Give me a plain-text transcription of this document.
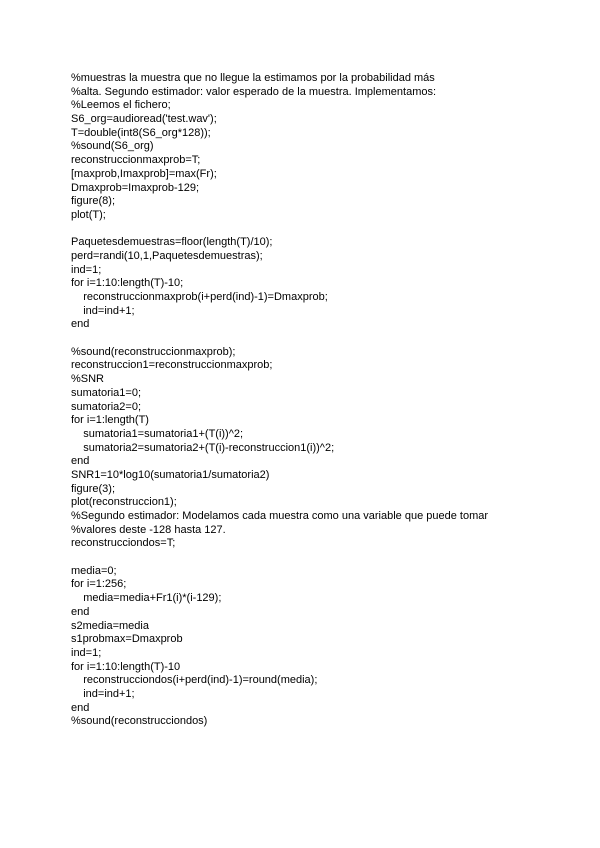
%muestras la muestra que no llegue la estimamos por la probabilidad más
%alta. Segundo estimador: valor esperado de la muestra. Implementamos:
%Leemos el fichero;
S6_org=audioread('test.wav');
T=double(int8(S6_org*128));
%sound(S6_org)
reconstruccionmaxprob=T;
[maxprob,Imaxprob]=max(Fr);
Dmaxprob=Imaxprob-129;
figure(8);
plot(T);
Paquetesdemuestras=floor(length(T)/10);
perd=randi(10,1,Paquetesdemuestras);
ind=1;
for i=1:10:length(T)-10;
reconstruccionmaxprob(i+perd(ind)-1)=Dmaxprob;
ind=ind+1;
end
%sound(reconstruccionmaxprob);
reconstruccion1=reconstruccionmaxprob;
%SNR
sumatoria1=0;
sumatoria2=0;
for i=1:length(T)
sumatoria1=sumatoria1+(T(i))^2;
sumatoria2=sumatoria2+(T(i)-reconstruccion1(i))^2;
end
SNR1=10*log10(sumatoria1/sumatoria2)
figure(3);
plot(reconstruccion1);
%Segundo estimador: Modelamos cada muestra como una variable que puede tomar
%valores deste -128 hasta 127.
reconstrucciondos=T;
media=0;
for i=1:256;
media=media+Fr1(i)*(i-129);
end
s2media=media
s1probmax=Dmaxprob
ind=1;
for i=1:10:length(T)-10
reconstrucciondos(i+perd(ind)-1)=round(media);
ind=ind+1;
end
%sound(reconstrucciondos)
